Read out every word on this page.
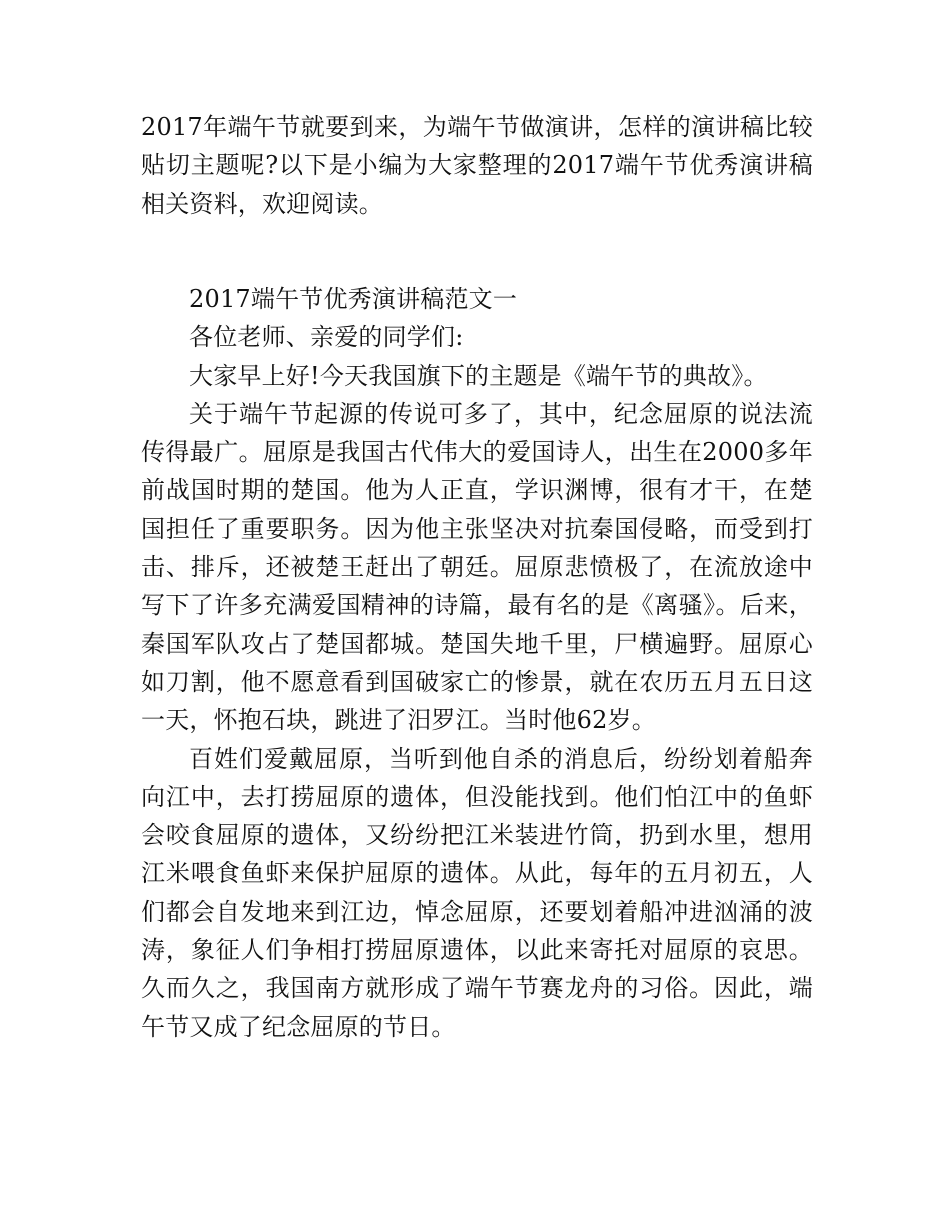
2017年端午节就要到来，为端午节做演讲，怎样的演讲稿比较贴切主题呢?以下是小编为大家整理的2017端午节优秀演讲稿相关资料，欢迎阅读。

2017端午节优秀演讲稿范文一

各位老师、亲爱的同学们:

大家早上好!今天我国旗下的主题是《端午节的典故》。

关于端午节起源的传说可多了，其中，纪念屈原的说法流传得最广。屈原是我国古代伟大的爱国诗人，出生在2000多年前战国时期的楚国。他为人正直，学识渊博，很有才干，在楚国担任了重要职务。因为他主张坚决对抗秦国侵略，而受到打击、排斥，还被楚王赶出了朝廷。屈原悲愤极了，在流放途中写下了许多充满爱国精神的诗篇，最有名的是《离骚》。后来，秦国军队攻占了楚国都城。楚国失地千里，尸横遍野。屈原心如刀割，他不愿意看到国破家亡的惨景，就在农历五月五日这一天，怀抱石块，跳进了汨罗江。当时他62岁。

百姓们爱戴屈原，当听到他自杀的消息后，纷纷划着船奔向江中，去打捞屈原的遗体，但没能找到。他们怕江中的鱼虾会咬食屈原的遗体，又纷纷把江米装进竹筒，扔到水里，想用江米喂食鱼虾来保护屈原的遗体。从此，每年的五月初五，人们都会自发地来到江边，悼念屈原，还要划着船冲进汹涌的波涛，象征人们争相打捞屈原遗体，以此来寄托对屈原的哀思。久而久之，我国南方就形成了端午节赛龙舟的习俗。因此，端午节又成了纪念屈原的节日。
